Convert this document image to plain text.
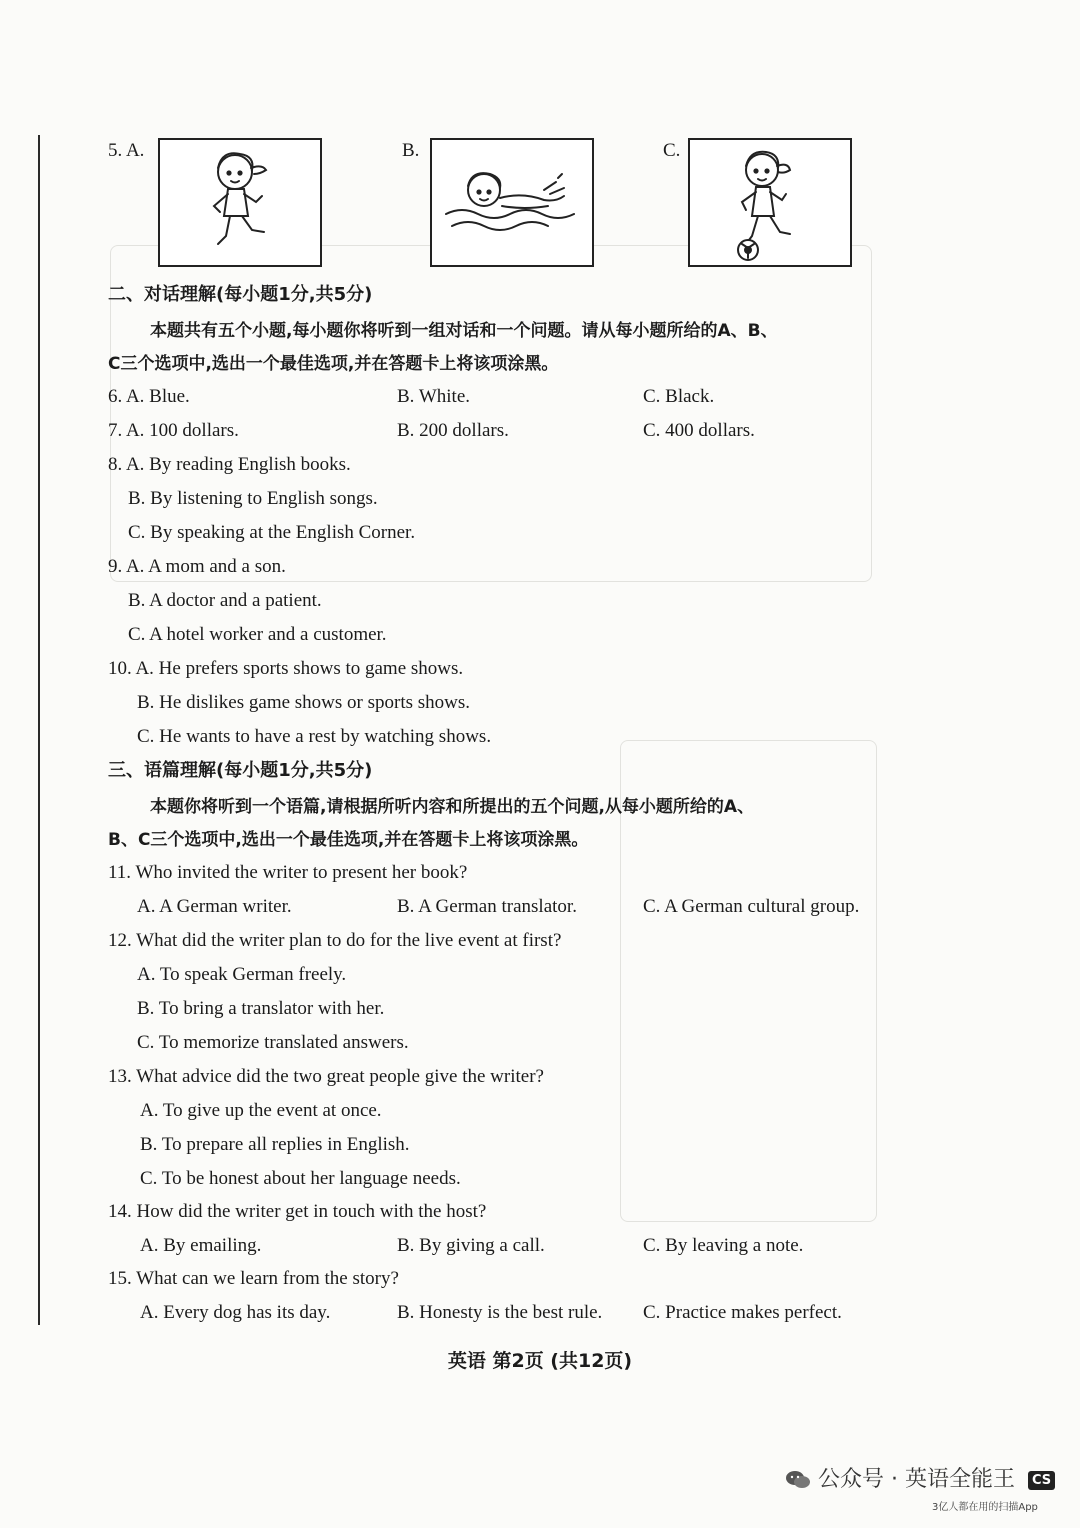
5. A.	B.	C.
二、对话理解(每小题1分,共5分)
本题共有五个小题,每小题你将听到一组对话和一个问题。请从每小题所给的A、B、
C三个选项中,选出一个最佳选项,并在答题卡上将该项涂黑。
6. A. Blue.	B. White.	C. Black.
7. A. 100 dollars.	B. 200 dollars.	C. 400 dollars.
8. A. By reading English books.
B. By listening to English songs.
C. By speaking at the English Corner.
9. A. A mom and a son.
B. A doctor and a patient.
C. A hotel worker and a customer.
10. A. He prefers sports shows to game shows.
B. He dislikes game shows or sports shows.
C. He wants to have a rest by watching shows.
三、语篇理解(每小题1分,共5分)
本题你将听到一个语篇,请根据所听内容和所提出的五个问题,从每小题所给的A、
B、C三个选项中,选出一个最佳选项,并在答题卡上将该项涂黑。
11. Who invited the writer to present her book?
A. A German writer.	B. A German translator.	C. A German cultural group.
12. What did the writer plan to do for the live event at first?
A. To speak German freely.
B. To bring a translator with her.
C. To memorize translated answers.
13. What advice did the two great people give the writer?
A. To give up the event at once.
B. To prepare all replies in English.
C. To be honest about her language needs.
14. How did the writer get in touch with the host?
A. By emailing.	B. By giving a call.	C. By leaving a note.
15. What can we learn from the story?
A. Every dog has its day.	B. Honesty is the best rule. C. Practice makes perfect.
英语 第2页 (共12页)
公众号 · 英语全能王 CS
3亿人都在用的扫描App
